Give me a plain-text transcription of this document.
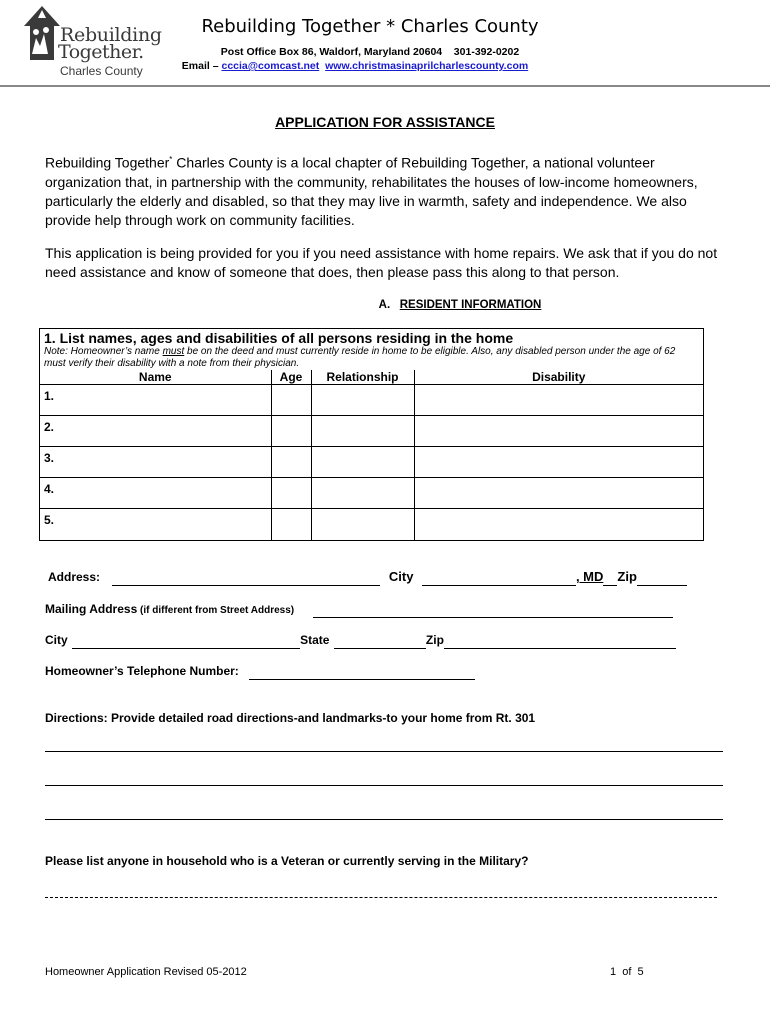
Rebuilding
Together.
Charles County
Rebuilding Together * Charles County
Post Office Box 86, Waldorf, Maryland 20604    301-392-0202
Email – cccia@comcast.net www.christmasinaprilcharlescounty.com
APPLICATION FOR ASSISTANCE
Rebuilding Together* Charles County is a local chapter of Rebuilding Together, a national volunteer organization that, in partnership with the community, rehabilitates the houses of low-income homeowners, particularly the elderly and disabled, so that they may live in warmth, safety and independence. We also provide help through work on community facilities.
This application is being provided for you if you need assistance with home repairs. We ask that if you do not need assistance and know of someone that does, then please pass this along to that person.
A. RESIDENT INFORMATION
1. List names, ages and disabilities of all persons residing in the home
Note: Homeowner’s name must be on the deed and must currently reside in home to be eligible. Also, any disabled person under the age of 62 must verify their disability with a note from their physician.
Name	Age	Relationship	Disability
1.			
2.			
3.			
4.			
5.			
Address:	City	, MD Zip
Mailing Address (if different from Street Address)
City	State	Zip
Homeowner’s Telephone Number:
Directions: Provide detailed road directions-and landmarks-to your home from Rt. 301
Please list anyone in household who is a Veteran or currently serving in the Military?
Homeowner Application Revised 05-2012	1  of  5
